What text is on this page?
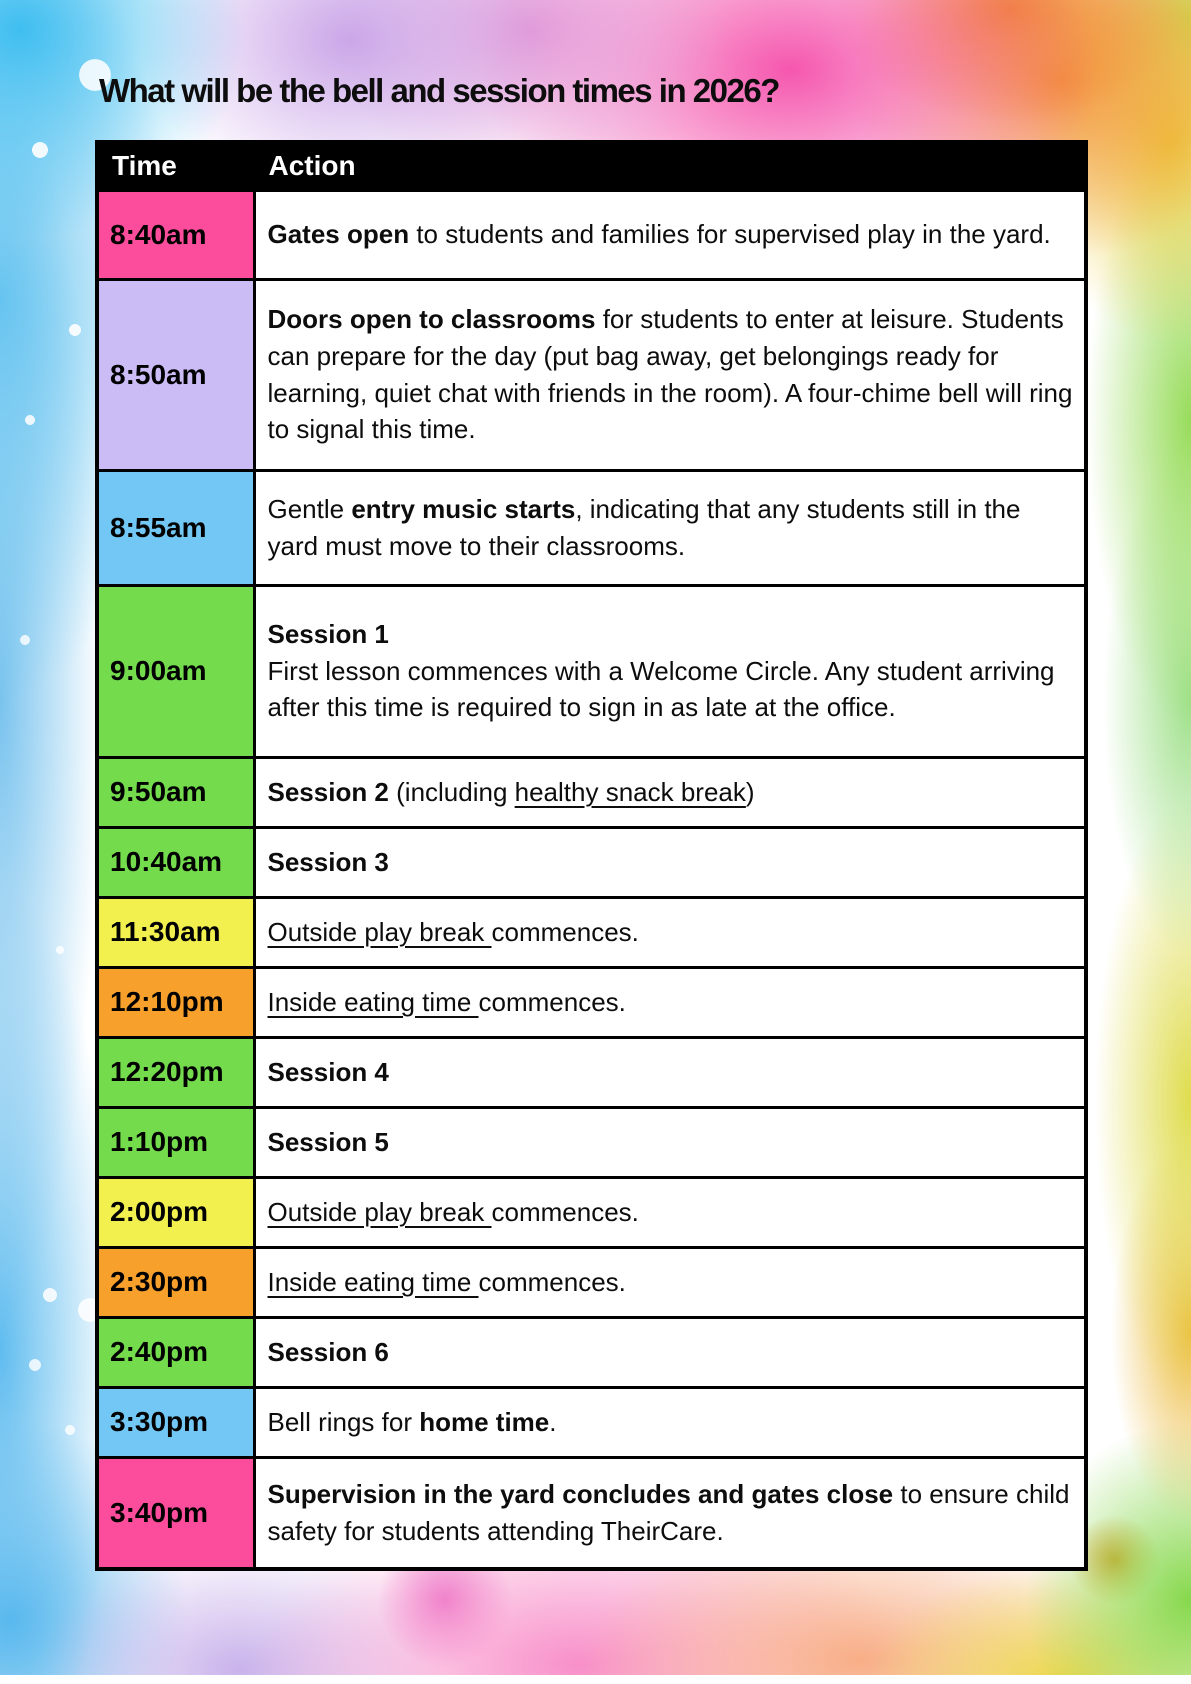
What will be the bell and session times in 2026?
Time	Action
8:40am	Gates open to students and families for supervised play in the yard.
8:50am	Doors open to classrooms for students to enter at leisure. Students can prepare for the day (put bag away, get belongings ready for learning, quiet chat with friends in the room). A four-chime bell will ring to signal this time.
8:55am	Gentle entry music starts, indicating that any students still in the yard must move to their classrooms.
9:00am	Session 1
First lesson commences with a Welcome Circle. Any student arriving after this time is required to sign in as late at the office.

9:50am	Session 2 (including healthy snack break)
10:40am	Session 3
11:30am	Outside play break commences.
12:10pm	Inside eating time commences.
12:20pm	Session 4
1:10pm	Session 5
2:00pm	Outside play break commences.
2:30pm	Inside eating time commences.
2:40pm	Session 6
3:30pm	Bell rings for home time.
3:40pm	Supervision in the yard concludes and gates close to ensure child safety for students attending TheirCare.
